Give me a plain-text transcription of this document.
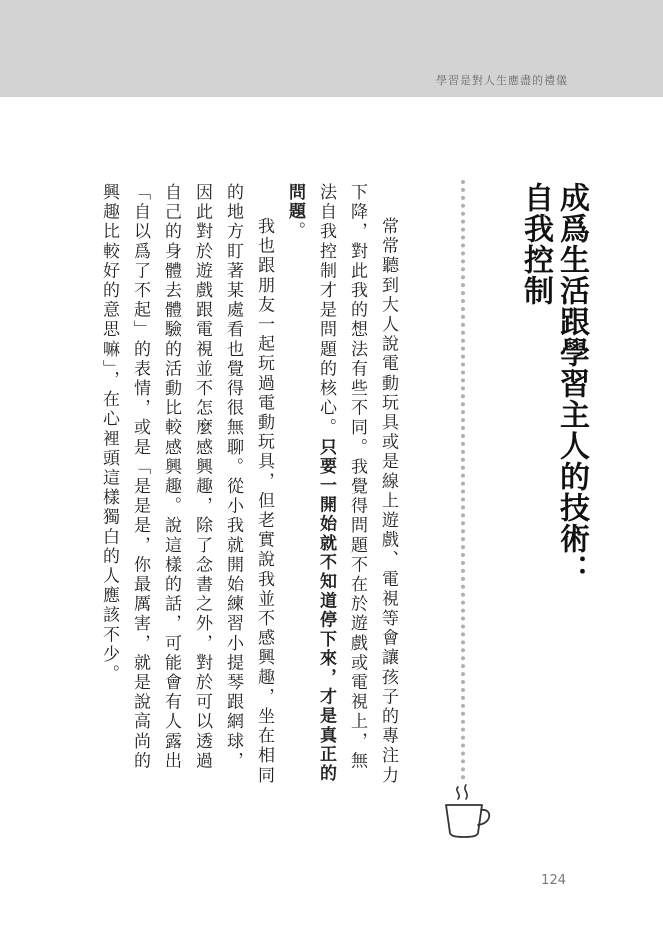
學習是對人生應盡的禮儀
成爲生活跟學習主人的技術：
自我控制

常常聽到大人說電動玩具或是線上遊戲、電視等會讓孩子的專注力下降，對此我的想法有些不同。我覺得問題不在於遊戲或電視上，無法自我控制才是問題的核心。只要一開始就不知道停下來，才是真正的問題。

我也跟朋友一起玩過電動玩具，但老實說我並不感興趣，坐在相同的地方盯著某處看也覺得很無聊。從小我就開始練習小提琴跟網球，因此對於遊戲跟電視並不怎麼感興趣，除了念書之外，對於可以透過自己的身體去體驗的活動比較感興趣。說這樣的話，可能會有人露出「自以爲了不起」的表情，或是「是是是，你最厲害，就是說高尚的興趣比較好的意思嘛」，在心裡頭這樣獨白的人應該不少。

124
